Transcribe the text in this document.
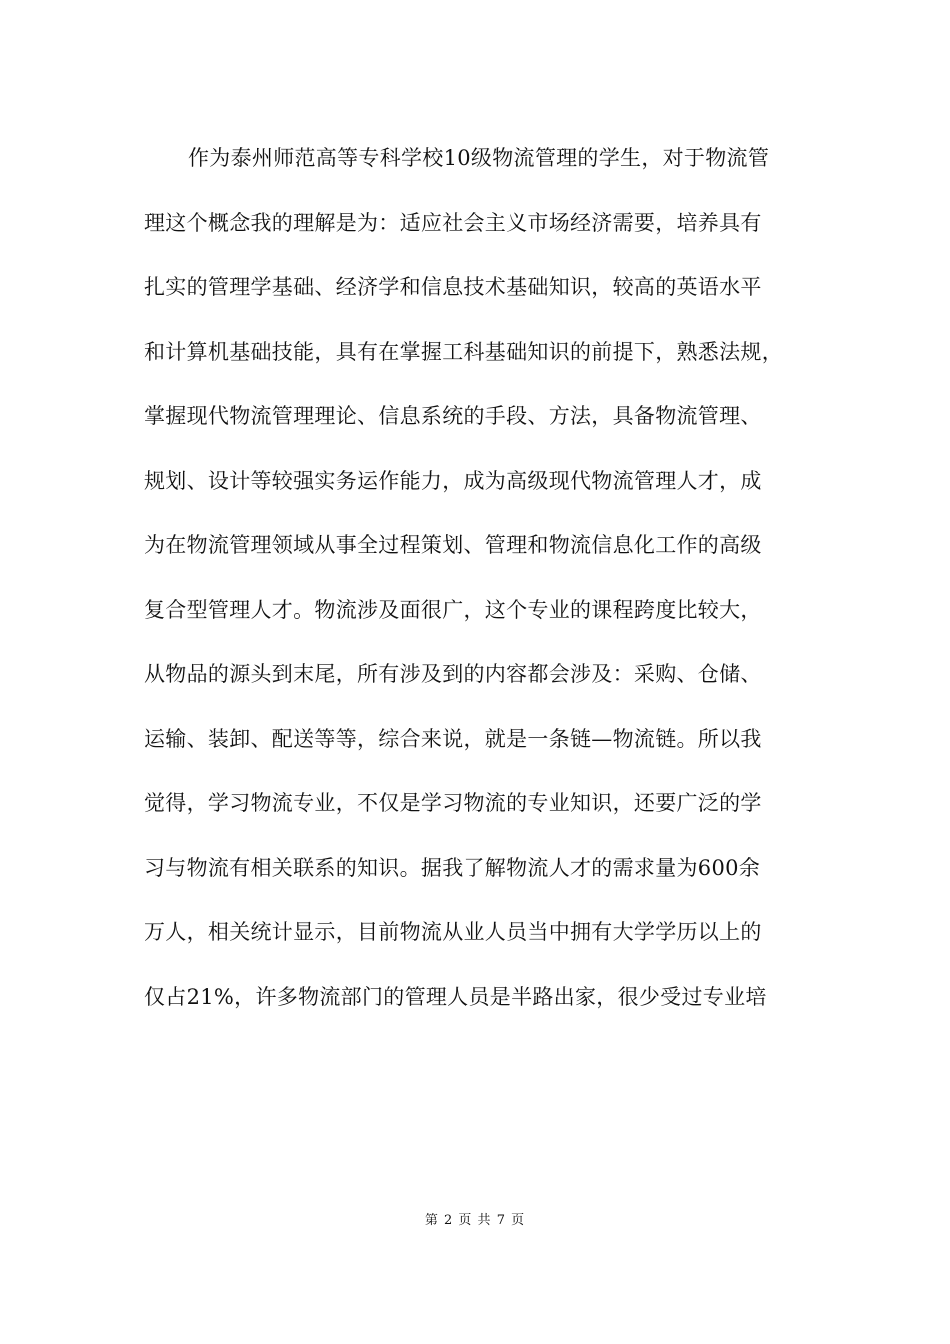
作为泰州师范高等专科学校10级物流管理的学生，对于物流管
理这个概念我的理解是为：适应社会主义市场经济需要，培养具有
扎实的管理学基础、经济学和信息技术基础知识，较高的英语水平
和计算机基础技能，具有在掌握工科基础知识的前提下，熟悉法规，
掌握现代物流管理理论、信息系统的手段、方法，具备物流管理、
规划、设计等较强实务运作能力，成为高级现代物流管理人才，成
为在物流管理领域从事全过程策划、管理和物流信息化工作的高级
复合型管理人才。物流涉及面很广，这个专业的课程跨度比较大，
从物品的源头到末尾，所有涉及到的内容都会涉及：采购、仓储、
运输、装卸、配送等等，综合来说，就是一条链—物流链。所以我
觉得，学习物流专业，不仅是学习物流的专业知识，还要广泛的学
习与物流有相关联系的知识。据我了解物流人才的需求量为600余
万人，相关统计显示，目前物流从业人员当中拥有大学学历以上的
仅占21%，许多物流部门的管理人员是半路出家，很少受过专业培
第 2 页 共 7 页
